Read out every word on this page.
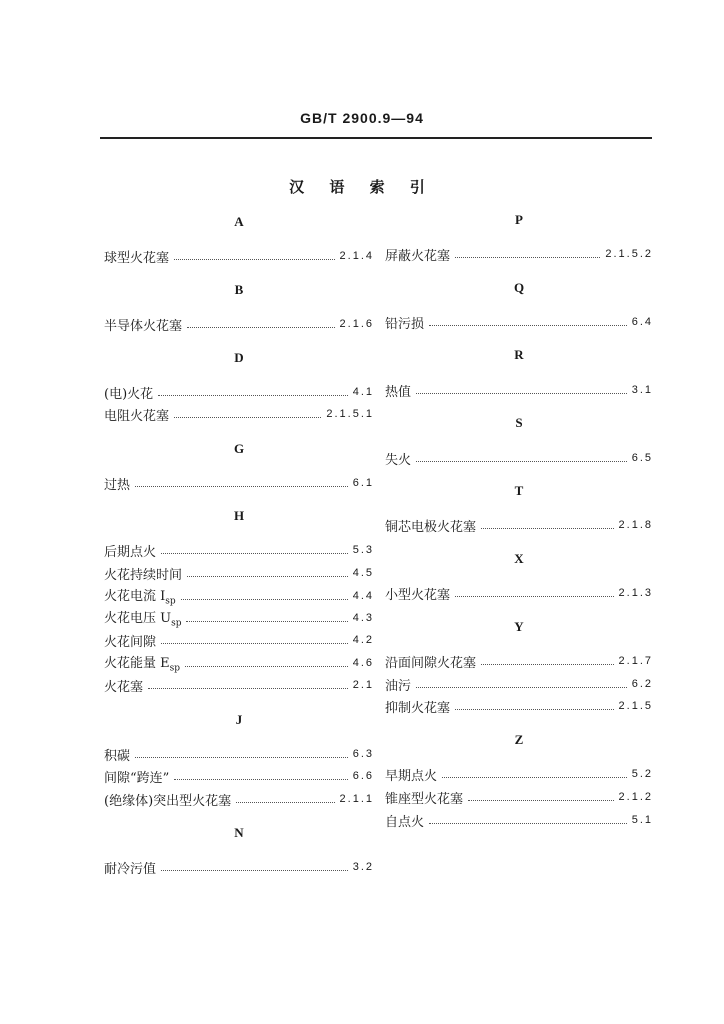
GB/T 2900.9—94
汉 语 索 引
A
球型火花塞	2.1.4
B
半导体火花塞	2.1.6
D
(电)火花	4.1
电阻火花塞	2.1.5.1
G
过热	6.1
H
后期点火	5.3
火花持续时间	4.5
火花电流 $I_{sp}$	4.4
火花电压 $U_{sp}$	4.3
火花间隙	4.2
火花能量 $E_{sp}$	4.6
火花塞	2.1
J
积碳	6.3
间隙“跨连”	6.6
(绝缘体)突出型火花塞	2.1.1
N
耐冷污值	3.2
P
屏蔽火花塞	2.1.5.2
Q
铅污损	6.4
R
热值	3.1
S
失火	6.5
T
铜芯电极火花塞	2.1.8
X
小型火花塞	2.1.3
Y
沿面间隙火花塞	2.1.7
油污	6.2
抑制火花塞	2.1.5
Z
早期点火	5.2
锥座型火花塞	2.1.2
自点火	5.1
